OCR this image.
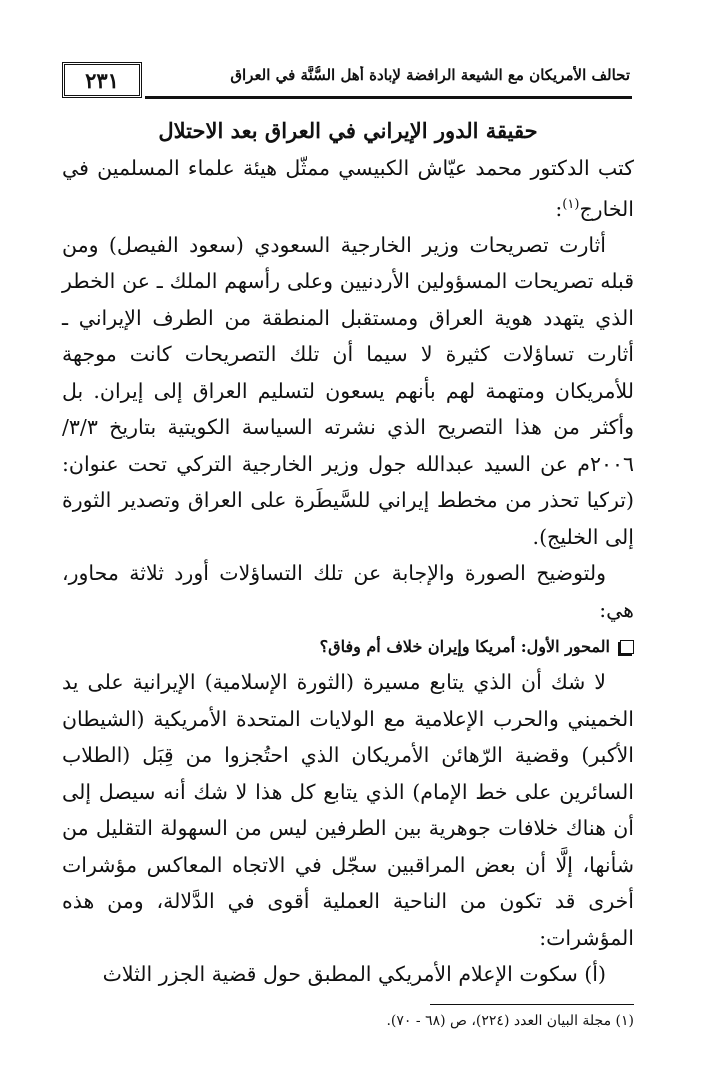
٢٣١	تحالف الأمريكان مع الشيعة الرافضة لإبادة أهل السُّنَّة في العراق

حقيقة الدور الإيراني في العراق بعد الاحتلال

كتب الدكتور محمد عيّاش الكبيسي ممثّل هيئة علماء المسلمين في الخارج$^{(١)}$:

أثارت تصريحات وزير الخارجية السعودي (سعود الفيصل) ومن قبله تصريحات المسؤولين الأردنيين وعلى رأسهم الملك ـ عن الخطر الذي يتهدد هوية العراق ومستقبل المنطقة من الطرف الإيراني ـ أثارت تساؤلات كثيرة لا سيما أن تلك التصريحات كانت موجهة للأمريكان ومتهمة لهم بأنهم يسعون لتسليم العراق إلى إيران. بل وأكثر من هذا التصريح الذي نشرته السياسة الكويتية بتاريخ ٣/٣/ ٢٠٠٦م عن السيد عبدالله جول وزير الخارجية التركي تحت عنوان: (تركيا تحذر من مخطط إيراني للسَّيطَرة على العراق وتصدير الثورة إلى الخليج).

ولتوضيح الصورة والإجابة عن تلك التساؤلات أورد ثلاثة محاور، هي:

المحور الأول: أمريكا وإيران خلاف أم وفاق؟

لا شك أن الذي يتابع مسيرة (الثورة الإسلامية) الإيرانية على يد الخميني والحرب الإعلامية مع الولايات المتحدة الأمريكية (الشيطان الأكبر) وقضية الرّهائن الأمريكان الذي احتُجزوا من قِبَل (الطلاب السائرين على خط الإمام) الذي يتابع كل هذا لا شك أنه سيصل إلى أن هناك خلافات جوهرية بين الطرفين ليس من السهولة التقليل من شأنها، إلَّا أن بعض المراقبين سجّل في الاتجاه المعاكس مؤشرات أخرى قد تكون من الناحية العملية أقوى في الدَّلالة، ومن هذه المؤشرات:

(أ) سكوت الإعلام الأمريكي المطبق حول قضية الجزر الثلاث

(١) مجلة البيان العدد (٢٢٤)، ص (٦٨ - ٧٠).
